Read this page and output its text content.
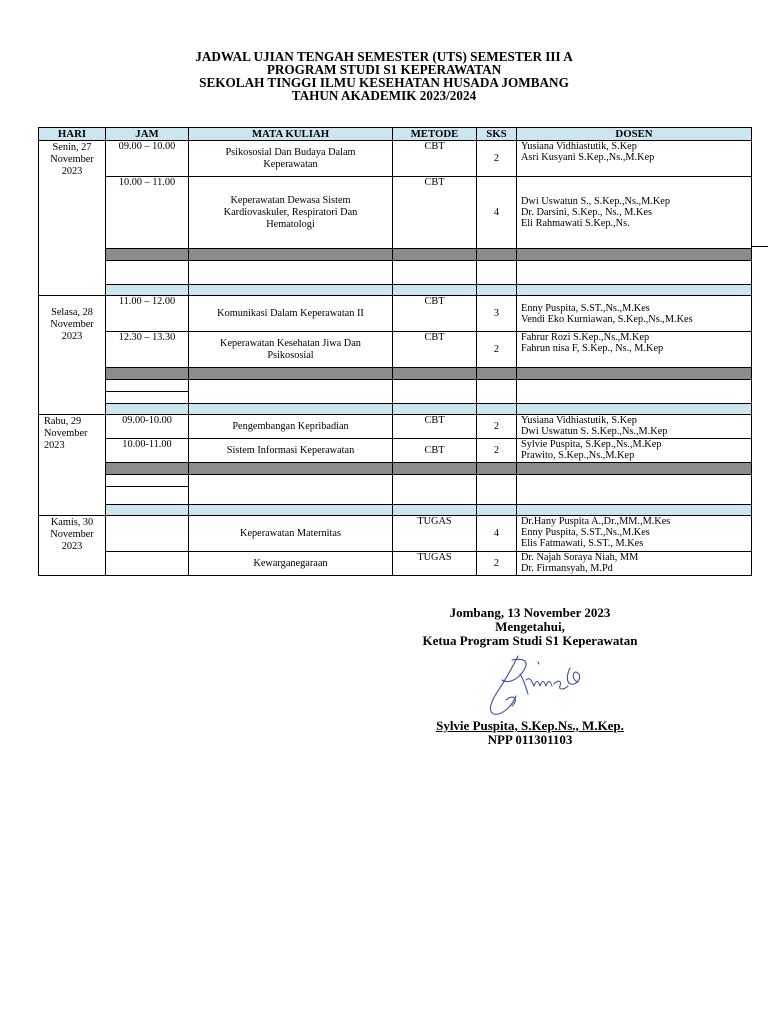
JADWAL UJIAN TENGAH SEMESTER (UTS) SEMESTER III A
PROGRAM STUDI S1 KEPERAWATAN
SEKOLAH TINGGI ILMU KESEHATAN HUSADA JOMBANG
TAHUN AKADEMIK 2023/2024
HARI	JAM	MATA KULIAH	METODE	SKS	DOSEN

Senin, 27 November 2023	09.00 – 10.00	Psikososial Dan Budaya Dalam Keperawatan	CBT	2	Yusiana Vidhiastutik, S.Kep
Asri Kusyani S.Kep.,Ns.,M.Kep

	10.00 – 11.00	Keperawatan Dewasa Sistem Kardiovaskuler, Respiratori Dan Hematologi	CBT	4	Dwi Uswatun S., S.Kep.,Ns.,M.Kep
Dr. Darsini, S.Kep., Ns., M.Kes
Eli Rahmawati S.Kep.,Ns.

Selasa, 28 November 2023	11.00 – 12.00	Komunikasi Dalam Keperawatan II	CBT	3	Enny Puspita, S.ST.,Ns.,M.Kes
Vendi Eko Kurniawan, S.Kep.,Ns.,M.Kes

	12.30 – 13.30	Keperawatan Kesehatan Jiwa Dan Psikososial	CBT	2	Fahrur Rozi S.Kep.,Ns.,M.Kep
Fahrun nisa F, S.Kep., Ns., M.Kep

Rabu, 29 November 2023	09.00-10.00	Pengembangan Kepribadian	CBT	2	Yusiana Vidhiastutik, S.Kep
Dwi Uswatun S. S.Kep.,Ns.,M.Kep

	10.00-11.00	Sistem Informasi Keperawatan	CBT	2	Sylvie Puspita, S.Kep.,Ns.,M.Kep
Prawito, S.Kep.,Ns.,M.Kep

Kamis, 30 November 2023		Keperawatan Maternitas	TUGAS	4	Dr.Hany Puspita A.,Dr.,MM.,M.Kes
Enny Puspita, S.ST.,Ns.,M.Kes
Elis Fatmawati, S.ST., M.Kes

		Kewarganegaraan	TUGAS	2	Dr. Najah Soraya Niah, MM
Dr. Firmansyah, M.Pd
Jombang, 13 November 2023
Mengetahui,
Ketua Program Studi S1 Keperawatan
Sylvie Puspita, S.Kep.Ns., M.Kep.
NPP 011301103
